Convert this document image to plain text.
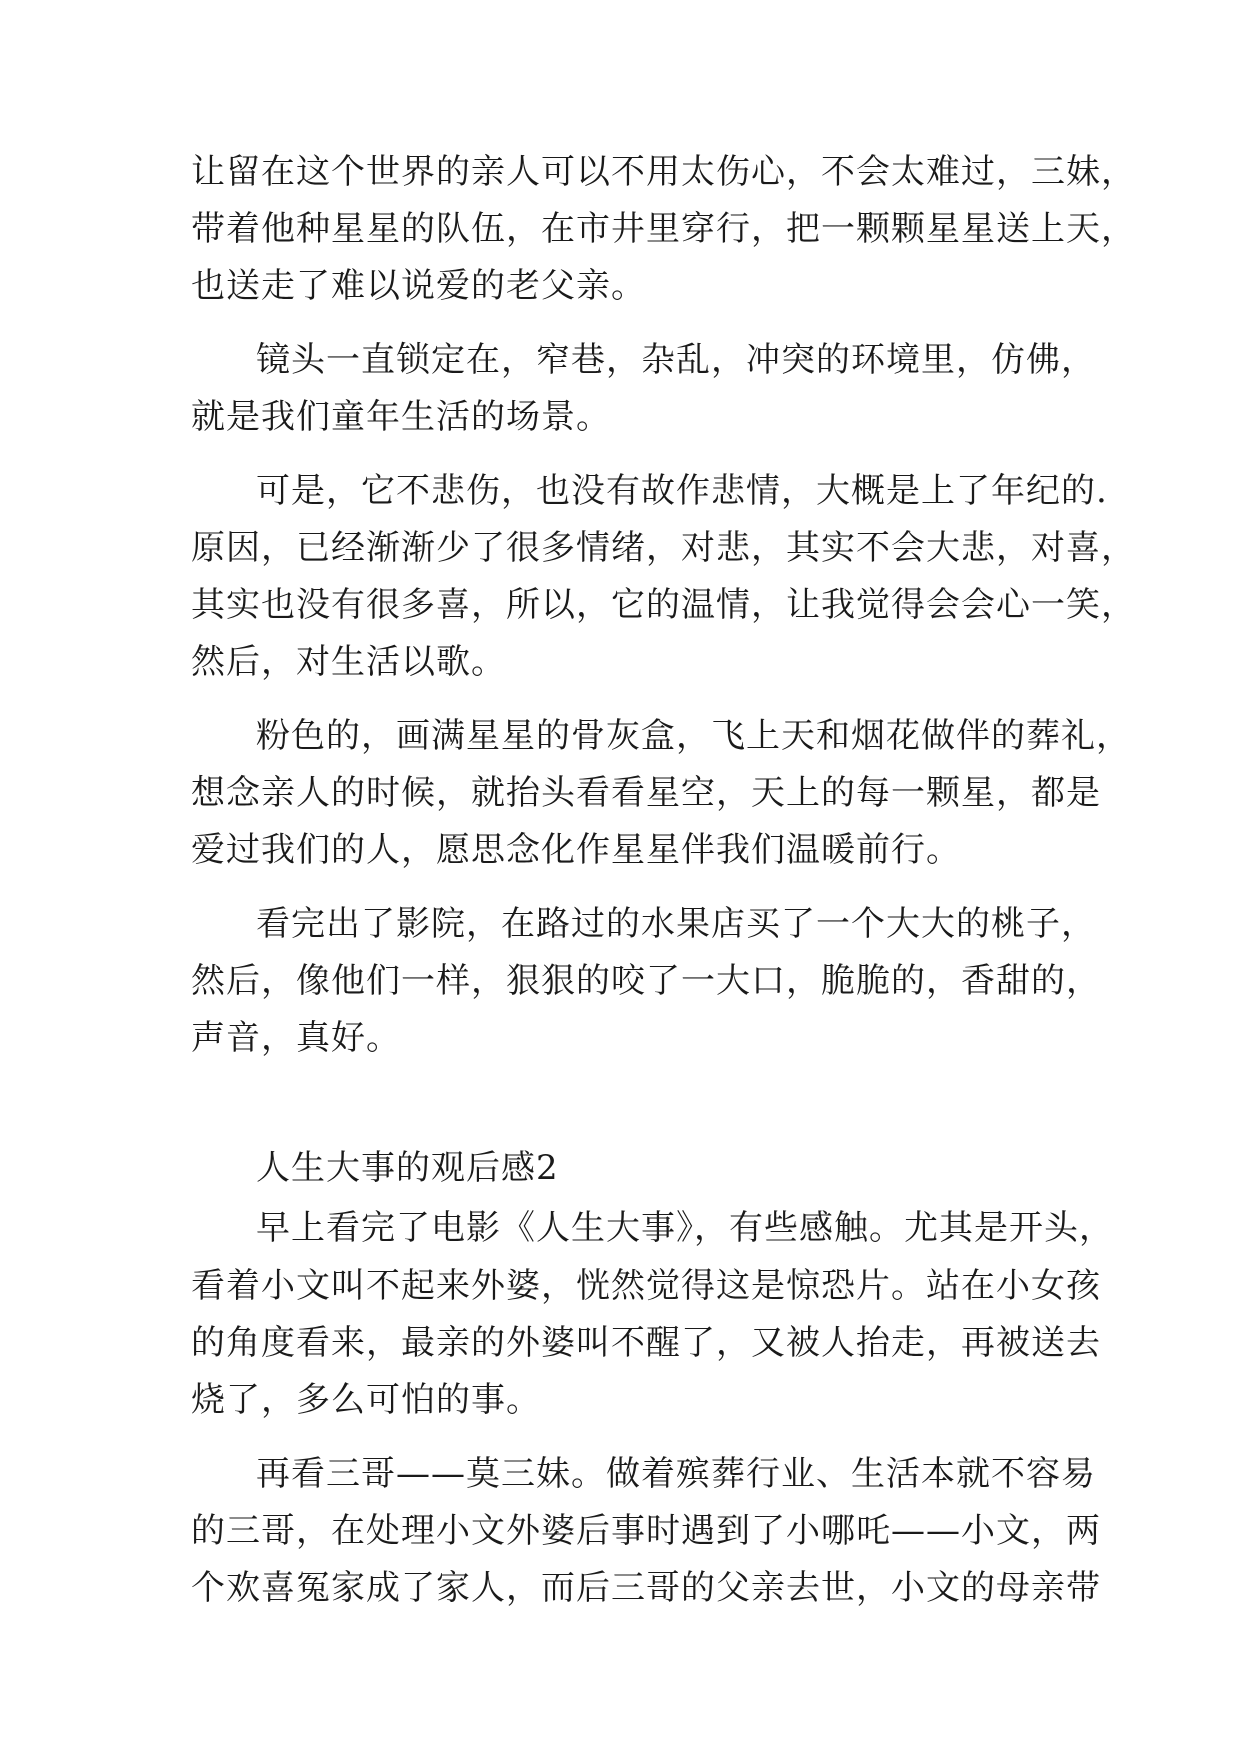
让留在这个世界的亲人可以不用太伤心，不会太难过，三妹，
带着他种星星的队伍，在市井里穿行，把一颗颗星星送上天，
也送走了难以说爱的老父亲。
镜头一直锁定在，窄巷，杂乱，冲突的环境里，仿佛，
就是我们童年生活的场景。
可是，它不悲伤，也没有故作悲情，大概是上了年纪的.
原因，已经渐渐少了很多情绪，对悲，其实不会大悲，对喜，
其实也没有很多喜，所以，它的温情，让我觉得会会心一笑，
然后，对生活以歌。
粉色的，画满星星的骨灰盒，飞上天和烟花做伴的葬礼，
想念亲人的时候，就抬头看看星空，天上的每一颗星，都是
爱过我们的人，愿思念化作星星伴我们温暖前行。
看完出了影院，在路过的水果店买了一个大大的桃子，
然后，像他们一样，狠狠的咬了一大口，脆脆的，香甜的，
声音，真好。
人生大事的观后感2
早上看完了电影《人生大事》，有些感触。尤其是开头，
看着小文叫不起来外婆，恍然觉得这是惊恐片。站在小女孩
的角度看来，最亲的外婆叫不醒了，又被人抬走，再被送去
烧了，多么可怕的事。
再看三哥——莫三妹。做着殡葬行业、生活本就不容易
的三哥，在处理小文外婆后事时遇到了小哪吒——小文，两
个欢喜冤家成了家人，而后三哥的父亲去世，小文的母亲带
